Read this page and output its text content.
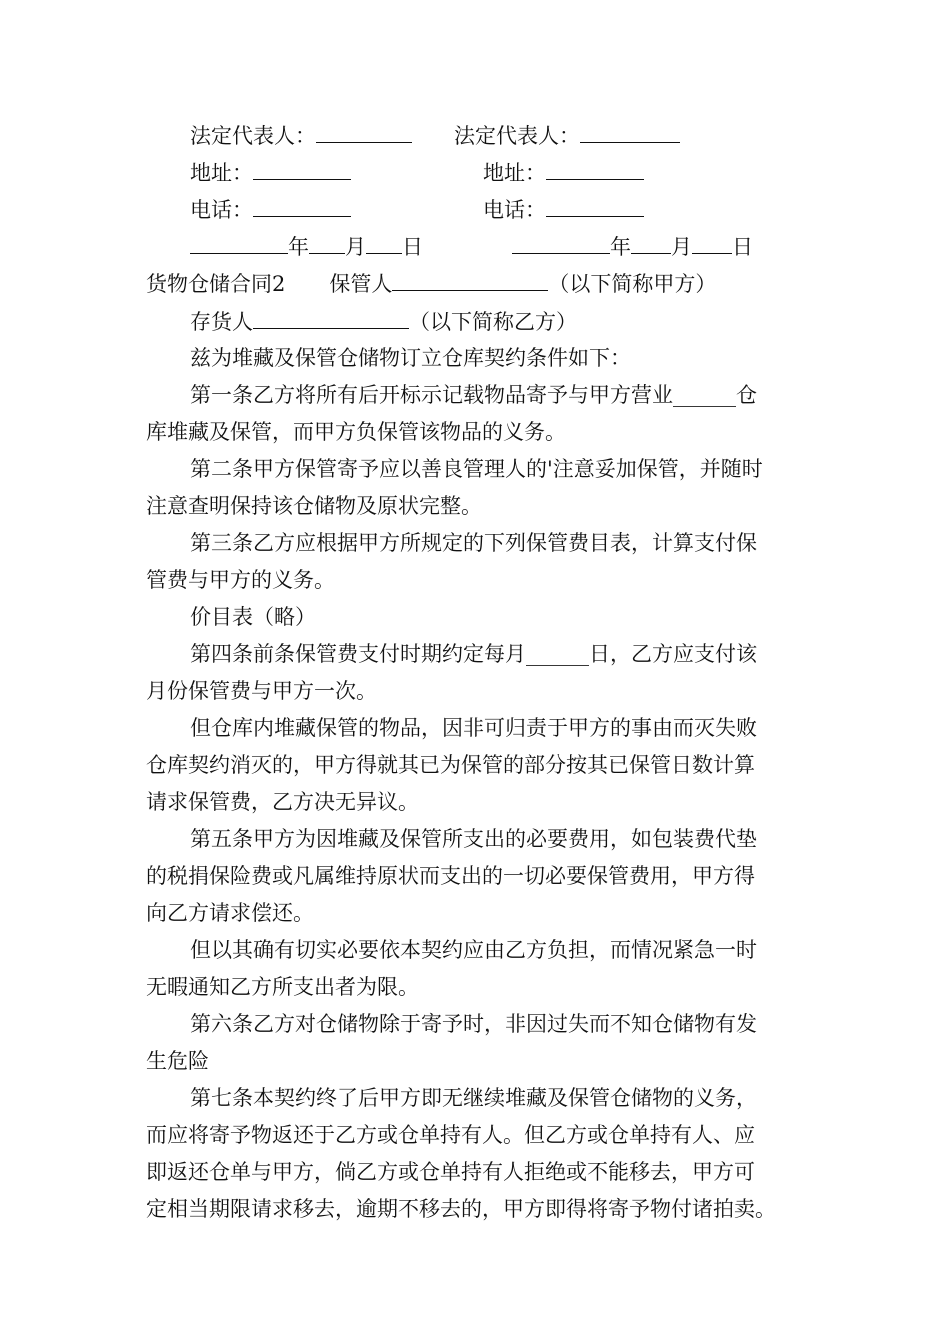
法定代表人：	法定代表人：
地址：	地址：
电话：	电话：
年 月 日	年 月 日
货物仓储合同2 保管人	（以下简称甲方）
存货人	（以下简称乙方）

兹为堆藏及保管仓储物订立仓库契约条件如下：

第一条乙方将所有后开标示记载物品寄予与甲方营业______仓

库堆藏及保管，而甲方负保管该物品的义务。

第二条甲方保管寄予应以善良管理人的'注意妥加保管，并随时

注意查明保持该仓储物及原状完整。

第三条乙方应根据甲方所规定的下列保管费目表，计算支付保

管费与甲方的义务。

价目表（略）

第四条前条保管费支付时期约定每月______日，乙方应支付该

月份保管费与甲方一次。

但仓库内堆藏保管的物品，因非可归责于甲方的事由而灭失败

仓库契约消灭的，甲方得就其已为保管的部分按其已保管日数计算

请求保管费，乙方决无异议。

第五条甲方为因堆藏及保管所支出的必要费用，如包装费代垫

的税捐保险费或凡属维持原状而支出的一切必要保管费用，甲方得

向乙方请求偿还。

但以其确有切实必要依本契约应由乙方负担，而情况紧急一时

无暇通知乙方所支出者为限。

第六条乙方对仓储物除于寄予时，非因过失而不知仓储物有发

生危险

第七条本契约终了后甲方即无继续堆藏及保管仓储物的义务，

而应将寄予物返还于乙方或仓单持有人。但乙方或仓单持有人、应

即返还仓单与甲方，倘乙方或仓单持有人拒绝或不能移去，甲方可

定相当期限请求移去，逾期不移去的，甲方即得将寄予物付诸拍卖。
